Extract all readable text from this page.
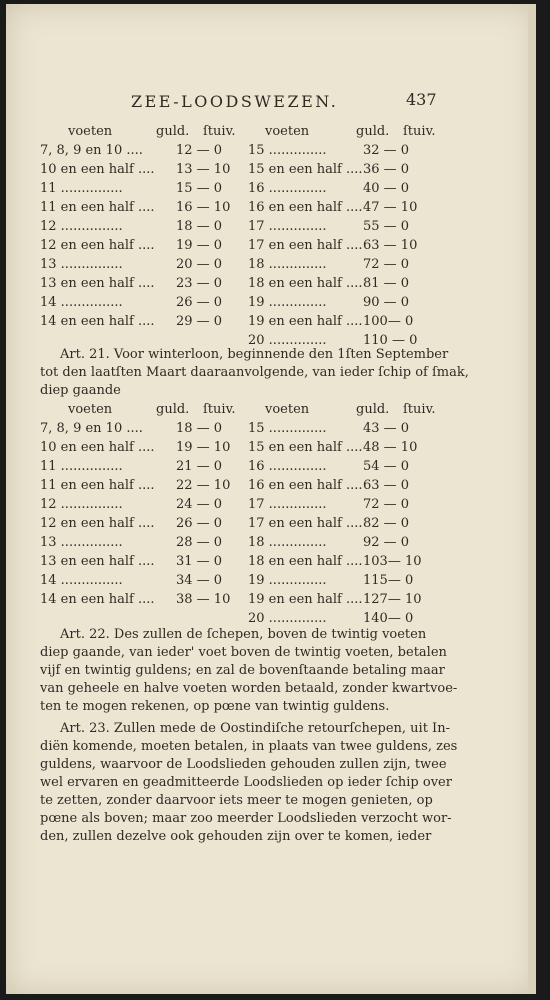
ZEE-LOODSWEZEN.	437
voeten	guld. ſtuiv. voeten	guld. ſtuiv.
7, 8, 9 en 10 ....	12 — 0 15 ..............	32 — 0
10 en een half .... 13 — 10 15 en een half .... 36 — 0
11 ...............	15 — 0 16 ..............	40 — 0
11 en een half .... 16 — 10 16 en een half .... 47 — 10
12 ...............	18 — 0 17 ..............	55 — 0
12 en een half .... 19 — 0 17 en een half .... 63 — 10
13 ...............	20 — 0 18 ..............	72 — 0
13 en een half .... 23 — 0 18 en een half .... 81 — 0
14 ...............	26 — 0 19 ..............	90 — 0
14 en een half .... 29 — 0 19 en een half .... 100— 0
20 ..............	110 — 0
Art. 21. Voor winterloon, beginnende den 1ſten September
tot den laatſten Maart daaraanvolgende, van ieder ſchip of ſmak,
diep gaande
voeten	guld. ſtuiv. voeten	guld. ſtuiv.
7, 8, 9 en 10 ....	18 — 0 15 ..............	43 — 0
10 en een half .... 19 — 10 15 en een half .... 48 — 10
11 ...............	21 — 0 16 ..............	54 — 0
11 en een half .... 22 — 10 16 en een half .... 63 — 0
12 ...............	24 — 0 17 ..............	72 — 0
12 en een half .... 26 — 0 17 en een half .... 82 — 0
13 ...............	28 — 0 18 ..............	92 — 0
13 en een half .... 31 — 0 18 en een half .... 103— 10
14 ...............	34 — 0 19 ..............	115— 0
14 en een half .... 38 — 10 19 en een half .... 127— 10
20 ..............	140— 0
Art. 22. Des zullen de ſchepen, boven de twintig voeten
diep gaande, van ieder' voet boven de twintig voeten, betalen
vijf en twintig guldens; en zal de bovenſtaande betaling maar
van geheele en halve voeten worden betaald, zonder kwartvoe-
ten te mogen rekenen, op pœne van twintig guldens.
Art. 23. Zullen mede de Oostindiſche retourſchepen, uit In-
diën komende, moeten betalen, in plaats van twee guldens, zes
guldens, waarvoor de Loodslieden gehouden zullen zijn, twee
wel ervaren en geadmitteerde Loodslieden op ieder ſchip over
te zetten, zonder daarvoor iets meer te mogen genieten, op
pœne als boven; maar zoo meerder Loodslieden verzocht wor-
den, zullen dezelve ook gehouden zijn over te komen, ieder
